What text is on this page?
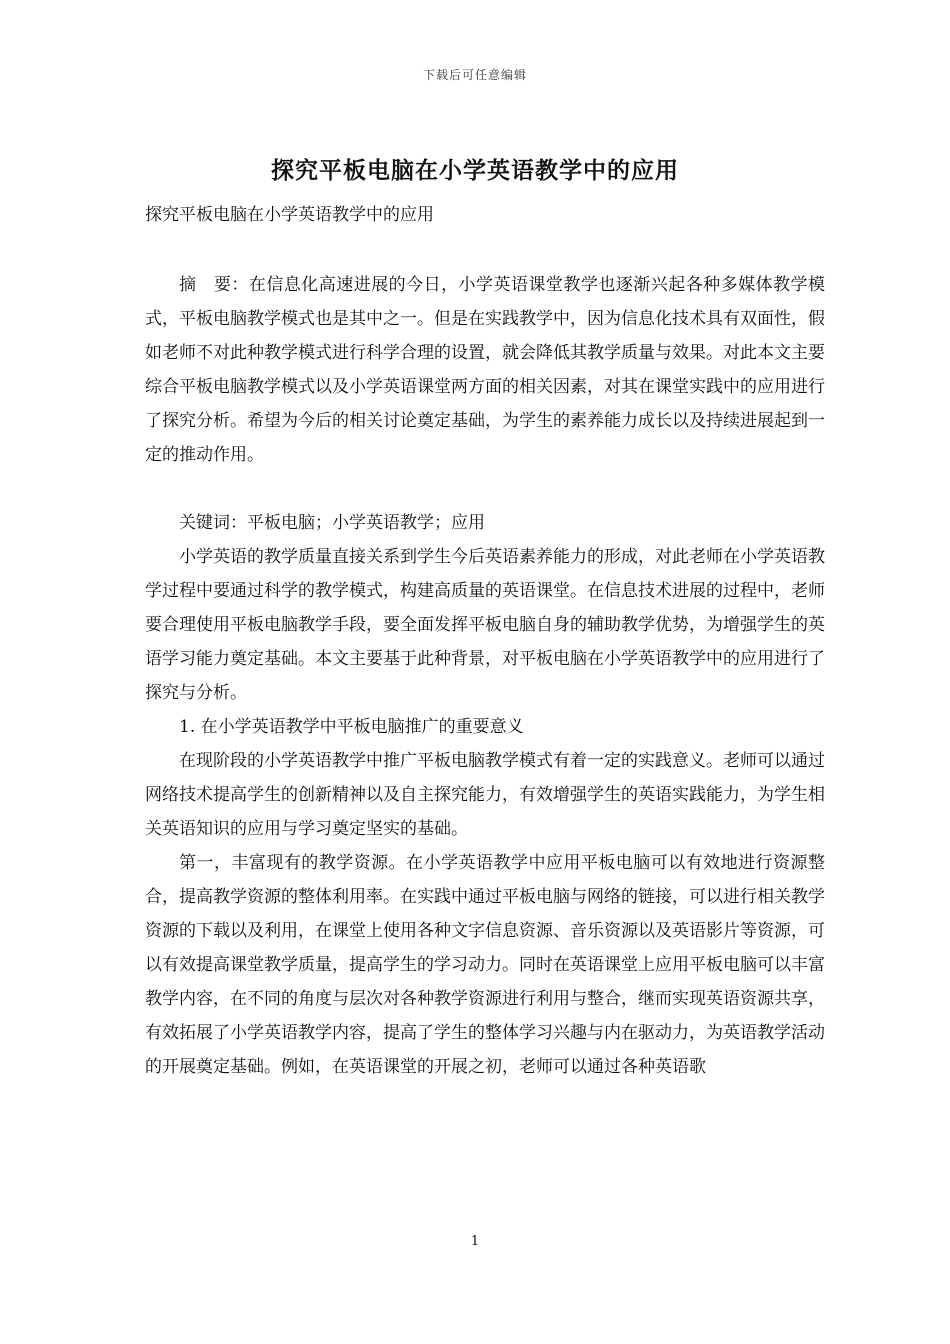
下载后可任意编辑
探究平板电脑在小学英语教学中的应用
探究平板电脑在小学英语教学中的应用

摘　要：在信息化高速进展的今日，小学英语课堂教学也逐渐兴起各种多媒体教学模式，平板电脑教学模式也是其中之一。但是在实践教学中，因为信息化技术具有双面性，假如老师不对此种教学模式进行科学合理的设置，就会降低其教学质量与效果。对此本文主要综合平板电脑教学模式以及小学英语课堂两方面的相关因素，对其在课堂实践中的应用进行了探究分析。希望为今后的相关讨论奠定基础，为学生的素养能力成长以及持续进展起到一定的推动作用。

关键词：平板电脑；小学英语教学；应用

小学英语的教学质量直接关系到学生今后英语素养能力的形成，对此老师在小学英语教学过程中要通过科学的教学模式，构建高质量的英语课堂。在信息技术进展的过程中，老师要合理使用平板电脑教学手段，要全面发挥平板电脑自身的辅助教学优势，为增强学生的英语学习能力奠定基础。本文主要基于此种背景，对平板电脑在小学英语教学中的应用进行了探究与分析。

1. 在小学英语教学中平板电脑推广的重要意义

在现阶段的小学英语教学中推广平板电脑教学模式有着一定的实践意义。老师可以通过网络技术提高学生的创新精神以及自主探究能力，有效增强学生的英语实践能力，为学生相关英语知识的应用与学习奠定坚实的基础。

第一，丰富现有的教学资源。在小学英语教学中应用平板电脑可以有效地进行资源整合，提高教学资源的整体利用率。在实践中通过平板电脑与网络的链接，可以进行相关教学资源的下载以及利用，在课堂上使用各种文字信息资源、音乐资源以及英语影片等资源，可以有效提高课堂教学质量，提高学生的学习动力。同时在英语课堂上应用平板电脑可以丰富教学内容，在不同的角度与层次对各种教学资源进行利用与整合，继而实现英语资源共享，有效拓展了小学英语教学内容，提高了学生的整体学习兴趣与内在驱动力，为英语教学活动的开展奠定基础。例如，在英语课堂的开展之初，老师可以通过各种英语歌

1
